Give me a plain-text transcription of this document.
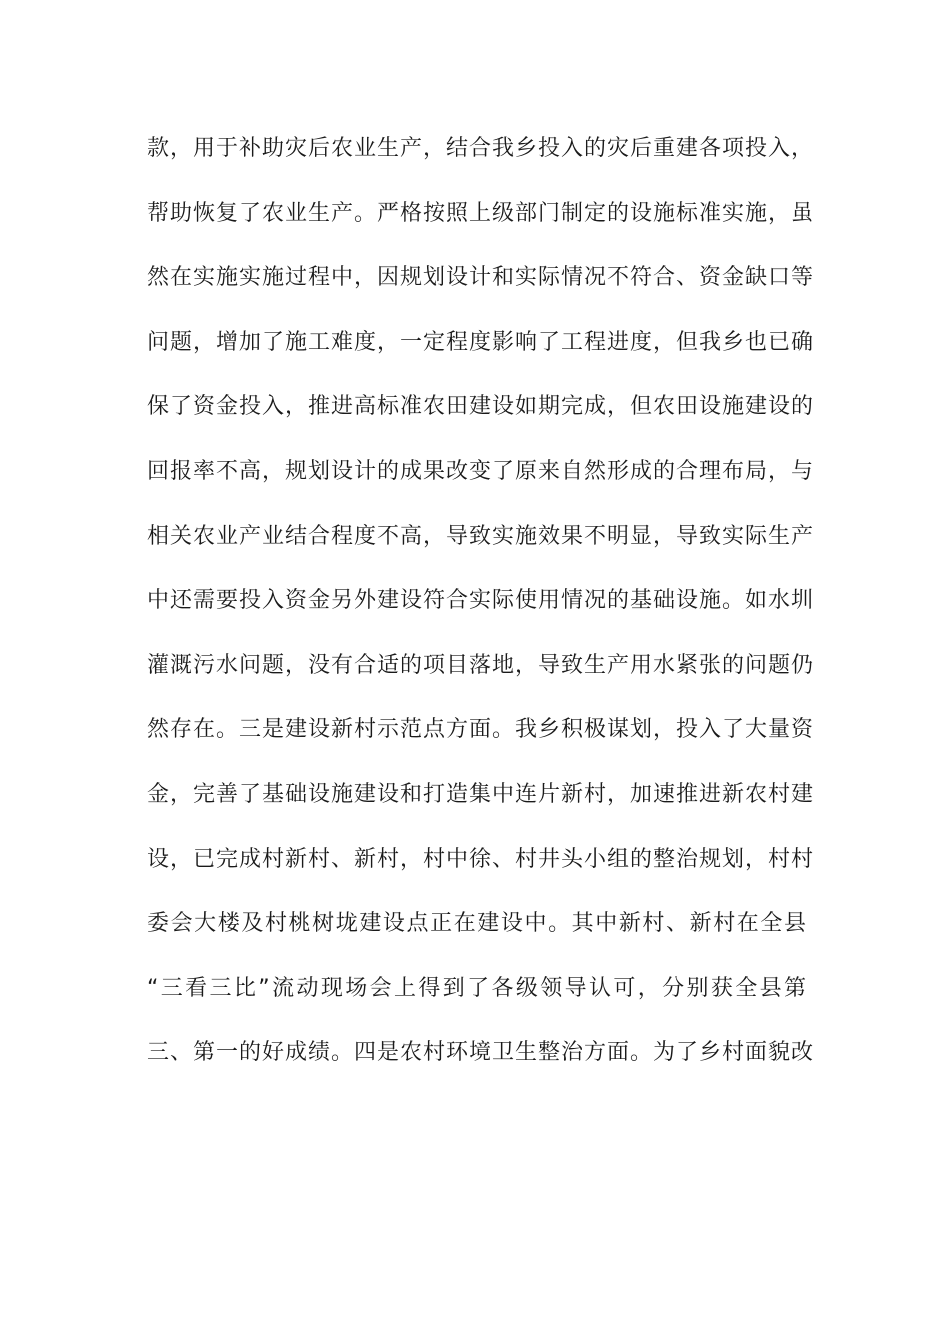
款，用于补助灾后农业生产，结合我乡投入的灾后重建各项投入，
帮助恢复了农业生产。严格按照上级部门制定的设施标准实施，虽
然在实施实施过程中，因规划设计和实际情况不符合、资金缺口等
问题，增加了施工难度，一定程度影响了工程进度，但我乡也已确
保了资金投入，推进高标准农田建设如期完成，但农田设施建设的
回报率不高，规划设计的成果改变了原来自然形成的合理布局，与
相关农业产业结合程度不高，导致实施效果不明显，导致实际生产
中还需要投入资金另外建设符合实际使用情况的基础设施。如水圳
灌溉污水问题，没有合适的项目落地，导致生产用水紧张的问题仍
然存在。三是建设新村示范点方面。我乡积极谋划，投入了大量资
金，完善了基础设施建设和打造集中连片新村，加速推进新农村建
设，已完成村新村、新村，村中徐、村井头小组的整治规划，村村
委会大楼及村桃树垅建设点正在建设中。其中新村、新村在全县
“三看三比”流动现场会上得到了各级领导认可，分别获全县第
三、第一的好成绩。四是农村环境卫生整治方面。为了乡村面貌改
